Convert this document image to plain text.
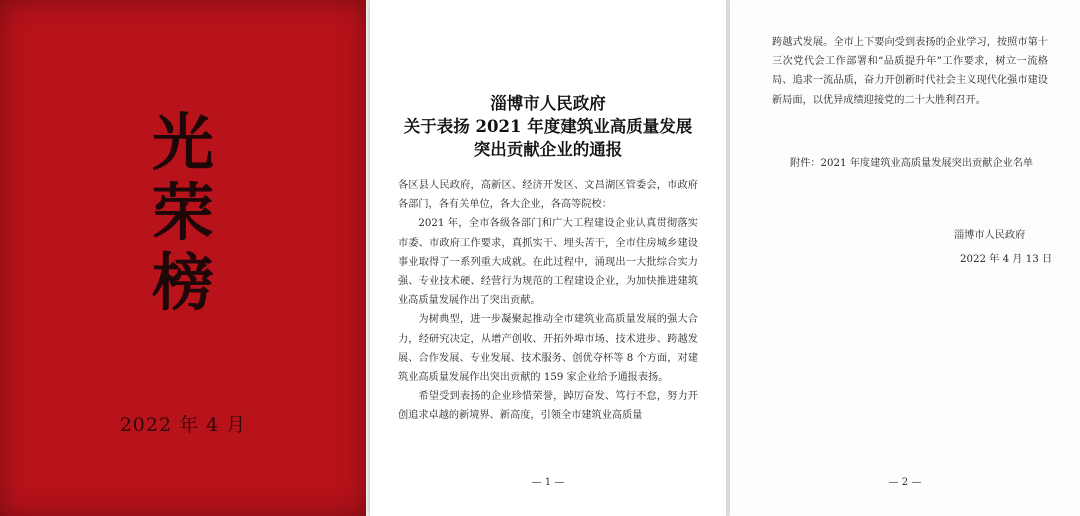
光
荣
榜
2022 年 4 月
淄博市人民政府
关于表扬 2021 年度建筑业高质量发展
突出贡献企业的通报

各区县人民政府，高新区、经济开发区、文昌湖区管委会，市政府各部门，各有关单位，各大企业，各高等院校：

2021 年，全市各级各部门和广大工程建设企业认真贯彻落实市委、市政府工作要求，真抓实干、埋头苦干，全市住房城乡建设事业取得了一系列重大成就。在此过程中，涌现出一大批综合实力强、专业技术硬、经营行为规范的工程建设企业，为加快推进建筑业高质量发展作出了突出贡献。

为树典型，进一步凝聚起推动全市建筑业高质量发展的强大合力，经研究决定，从增产创收、开拓外埠市场、技术进步、跨越发展、合作发展、专业发展、技术服务、创优夺杯等 8 个方面，对建筑业高质量发展作出突出贡献的 159 家企业给予通报表扬。

希望受到表扬的企业珍惜荣誉，踔厉奋发、笃行不怠，努力开创追求卓越的新境界、新高度，引领全市建筑业高质量

— 1 —

跨越式发展。全市上下要向受到表扬的企业学习，按照市第十三次党代会工作部署和“品质提升年”工作要求，树立一流格局、追求一流品质，奋力开创新时代社会主义现代化强市建设新局面，以优异成绩迎接党的二十大胜利召开。

附件：2021 年度建筑业高质量发展突出贡献企业名单
淄博市人民政府
2022 年 4 月 13 日
— 2 —
